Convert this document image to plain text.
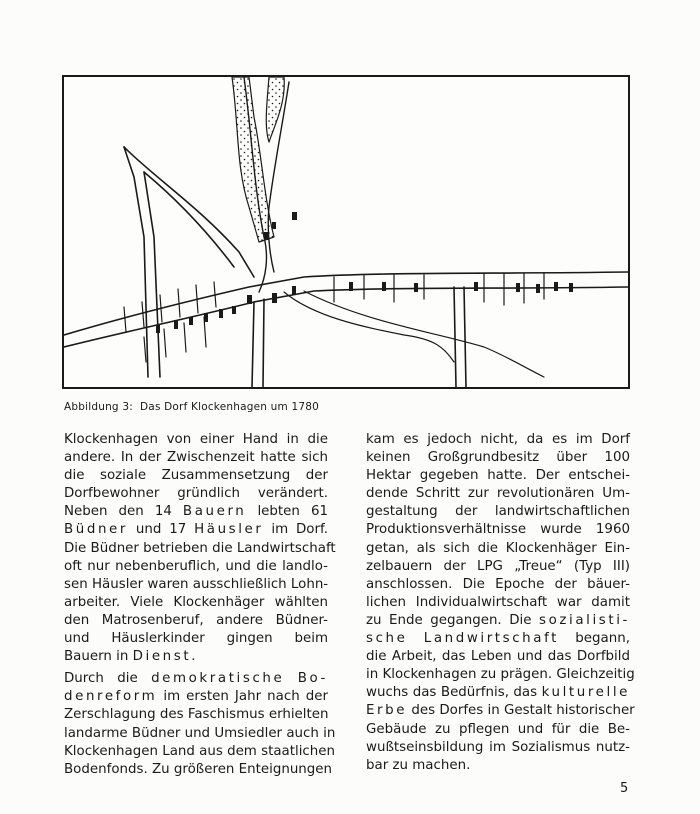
Abbildung 3:  Das Dorf Klockenhagen um 1780

Klockenhagen von einer Hand in die
andere. In der Zwischenzeit hatte sich
die soziale Zusammensetzung der
Dorfbewohner gründlich verändert.
Neben den 14 Bauern lebten 61
Büdner und 17 Häusler im Dorf.
Die Büdner betrieben die Landwirtschaft
oft nur nebenberuflich, und die landlo-
sen Häusler waren ausschließlich Lohn-
arbeiter. Viele Klockenhäger wählten
den Matrosenberuf, andere Büdner-
und Häuslerkinder gingen beim
Bauern in Dienst.

Durch die demokratische Bo-
denreform im ersten Jahr nach der
Zerschlagung des Faschismus erhielten
landarme Büdner und Umsiedler auch in
Klockenhagen Land aus dem staatlichen
Bodenfonds. Zu größeren Enteignungen

kam es jedoch nicht, da es im Dorf
keinen Großgrundbesitz über 100
Hektar gegeben hatte. Der entschei-
dende Schritt zur revolutionären Um-
gestaltung der landwirtschaftlichen
Produktionsverhältnisse wurde 1960
getan, als sich die Klockenhäger Ein-
zelbauern der LPG „Treue“ (Typ III)
anschlossen. Die Epoche der bäuer-
lichen Individualwirtschaft war damit
zu Ende gegangen. Die sozialisti-
sche Landwirtschaft begann,
die Arbeit, das Leben und das Dorfbild
in Klockenhagen zu prägen. Gleichzeitig
wuchs das Bedürfnis, das kulturelle
Erbe des Dorfes in Gestalt historischer
Gebäude zu pflegen und für die Be-
wußtseinsbildung im Sozialismus nutz-
bar zu machen.

5
